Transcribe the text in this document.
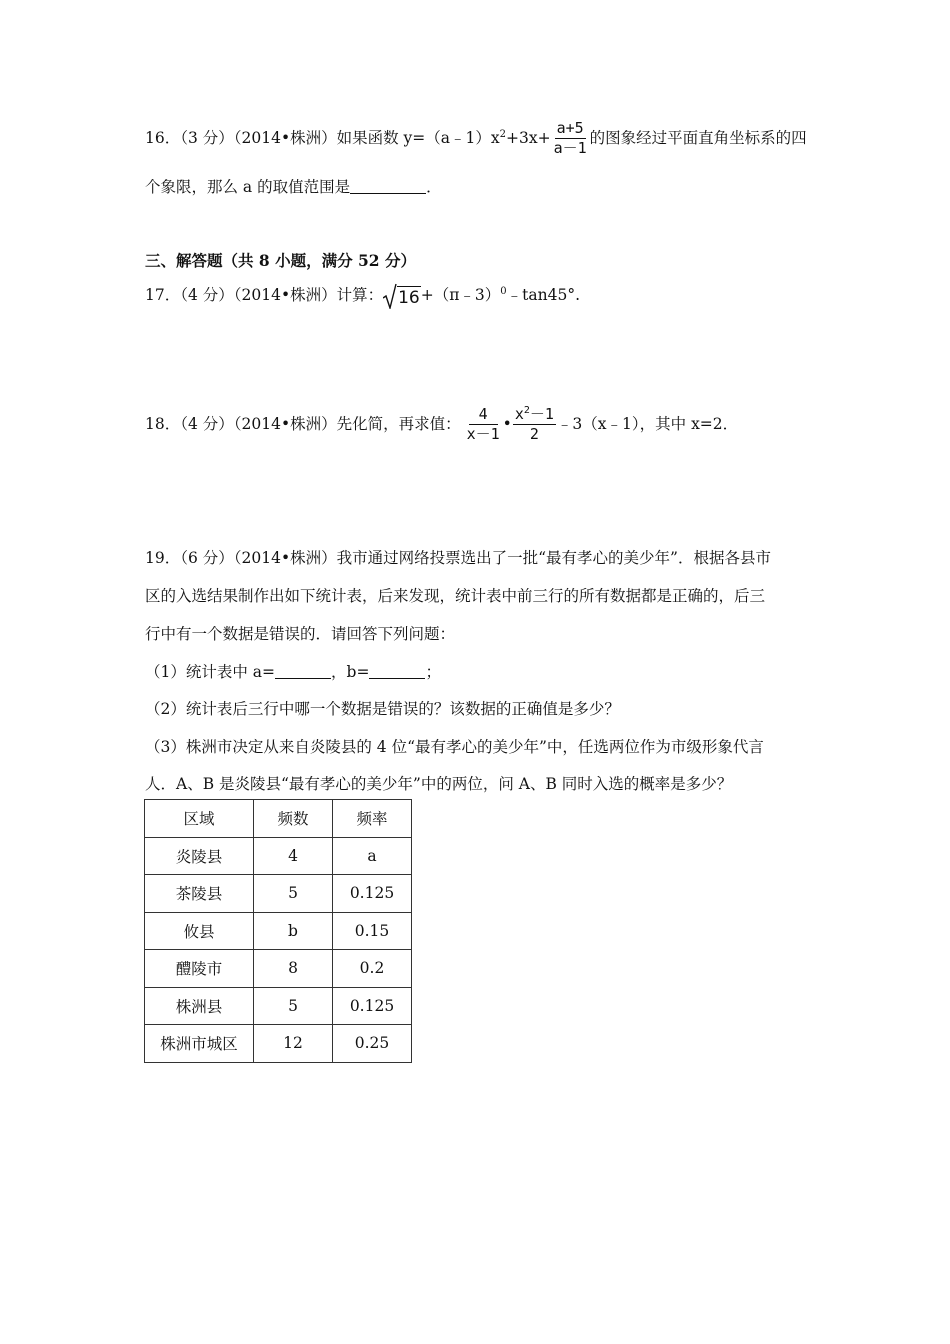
16．（3 分）（2014•株洲）如果函数 $y=(a﹣1)x^2+3x+ \frac{a+5}{a-1}$ 的图象经过平面直角坐标系的四
个象限，那么 a 的取值范围是	．
三、解答题（共 8 小题，满分 52 分）
17．（4 分）（2014•株洲）计算： 16 +（π﹣3）$^0$﹣tan45°.
18．（4 分）（2014•株洲）先化简，再求值： $\frac{4}{x-1}$ • $\frac{x^2-1}{2}$ ﹣3（x﹣1），其中 x=2．
19．（6 分）（2014•株洲）我市通过网络投票选出了一批“最有孝心的美少年”．根据各县市
区的入选结果制作出如下统计表，后来发现，统计表中前三行的所有数据都是正确的，后三
行中有一个数据是错误的．请回答下列问题：
（1）统计表中 a=	，b=	；
（2）统计表后三行中哪一个数据是错误的？该数据的正确值是多少？
（3）株洲市决定从来自炎陵县的 4 位“最有孝心的美少年”中，任选两位作为市级形象代言
人．A、B 是炎陵县“最有孝心的美少年”中的两位，问 A、B 同时入选的概率是多少？
区域	频数	频率
炎陵县	4	a
茶陵县	5	0.125
攸县	b	0.15
醴陵市	8	0.2
株洲县	5	0.125
株洲市城区	12	0.25
